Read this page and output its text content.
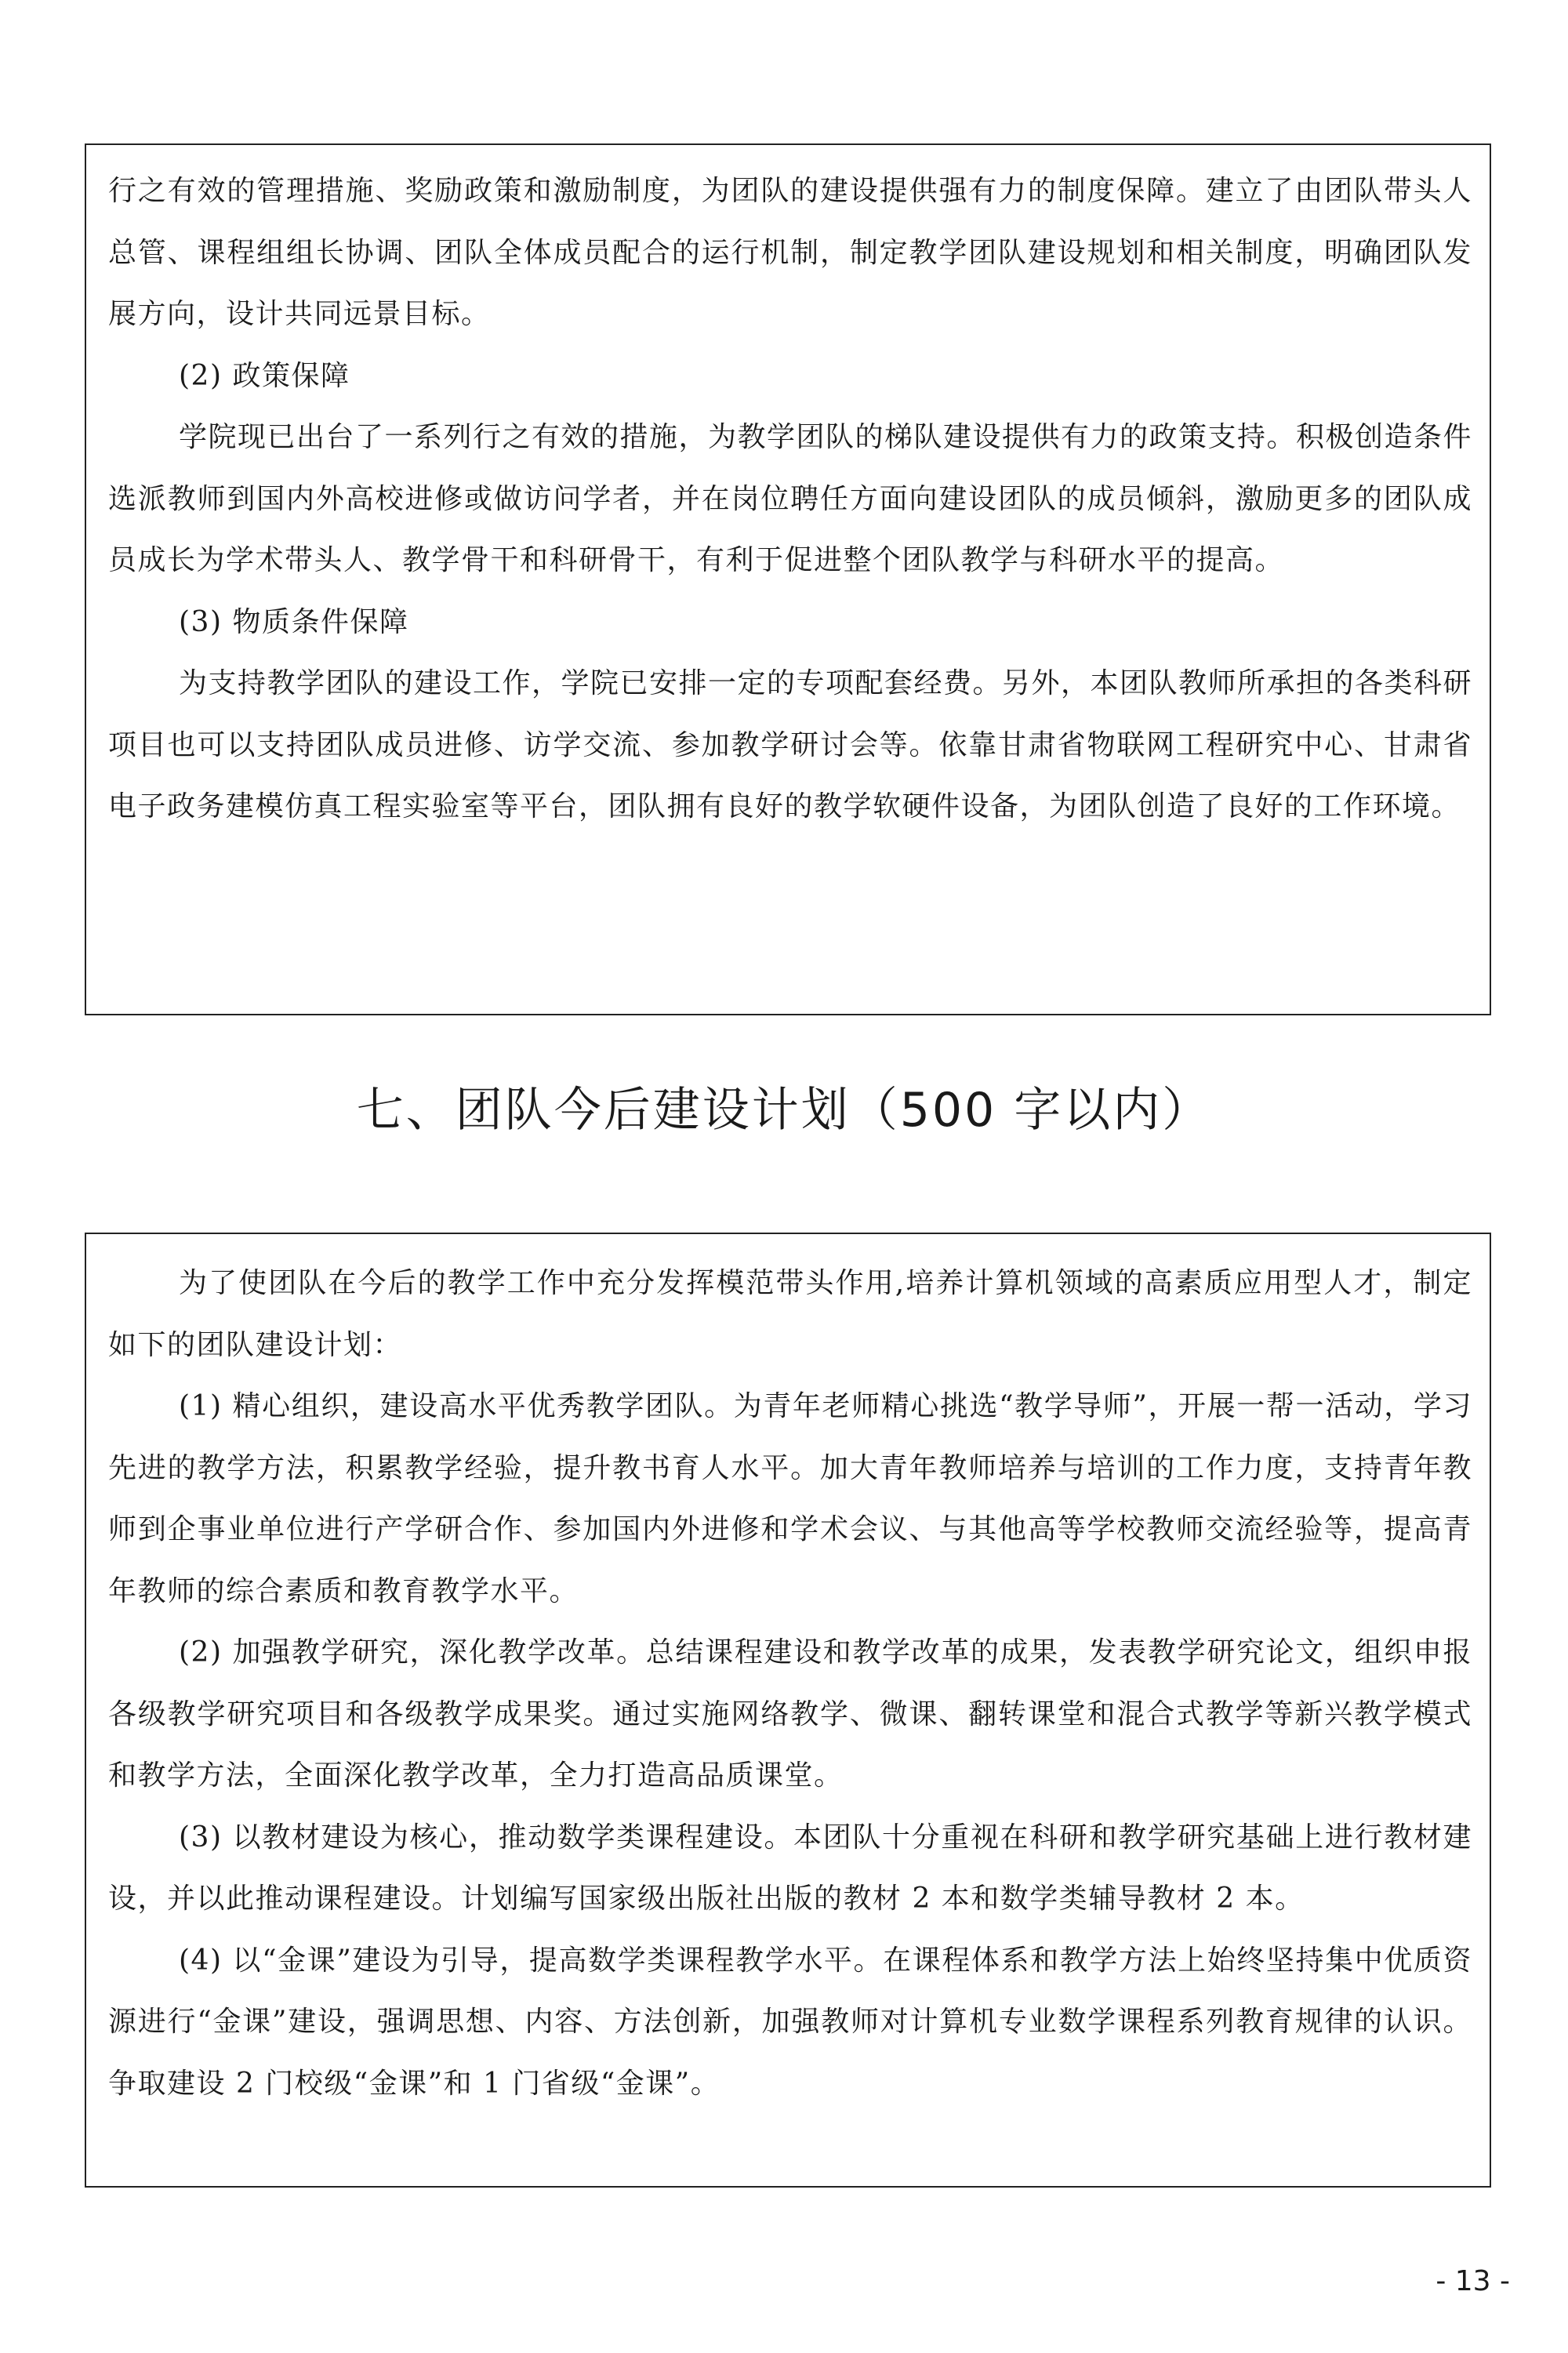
行之有效的管理措施、奖励政策和激励制度，为团队的建设提供强有力的制度保障。建立了由团队带头人总管、课程组组长协调、团队全体成员配合的运行机制，制定教学团队建设规划和相关制度，明确团队发展方向，设计共同远景目标。

(2) 政策保障

学院现已出台了一系列行之有效的措施，为教学团队的梯队建设提供有力的政策支持。积极创造条件选派教师到国内外高校进修或做访问学者，并在岗位聘任方面向建设团队的成员倾斜，激励更多的团队成员成长为学术带头人、教学骨干和科研骨干，有利于促进整个团队教学与科研水平的提高。

(3) 物质条件保障

为支持教学团队的建设工作，学院已安排一定的专项配套经费。另外，本团队教师所承担的各类科研项目也可以支持团队成员进修、访学交流、参加教学研讨会等。依靠甘肃省物联网工程研究中心、甘肃省电子政务建模仿真工程实验室等平台，团队拥有良好的教学软硬件设备，为团队创造了良好的工作环境。

七、团队今后建设计划（500 字以内）

为了使团队在今后的教学工作中充分发挥模范带头作用,培养计算机领域的高素质应用型人才，制定如下的团队建设计划：

(1) 精心组织，建设高水平优秀教学团队。为青年老师精心挑选“教学导师”，开展一帮一活动，学习先进的教学方法，积累教学经验，提升教书育人水平。加大青年教师培养与培训的工作力度，支持青年教师到企事业单位进行产学研合作、参加国内外进修和学术会议、与其他高等学校教师交流经验等，提高青年教师的综合素质和教育教学水平。

(2) 加强教学研究，深化教学改革。总结课程建设和教学改革的成果，发表教学研究论文，组织申报各级教学研究项目和各级教学成果奖。通过实施网络教学、微课、翻转课堂和混合式教学等新兴教学模式和教学方法，全面深化教学改革，全力打造高品质课堂。

(3) 以教材建设为核心，推动数学类课程建设。本团队十分重视在科研和教学研究基础上进行教材建设，并以此推动课程建设。计划编写国家级出版社出版的教材 2 本和数学类辅导教材 2 本。

(4) 以“金课”建设为引导，提高数学类课程教学水平。在课程体系和教学方法上始终坚持集中优质资源进行“金课”建设，强调思想、内容、方法创新，加强教师对计算机专业数学课程系列教育规律的认识。争取建设 2 门校级“金课”和 1 门省级“金课”。

- 13 -
